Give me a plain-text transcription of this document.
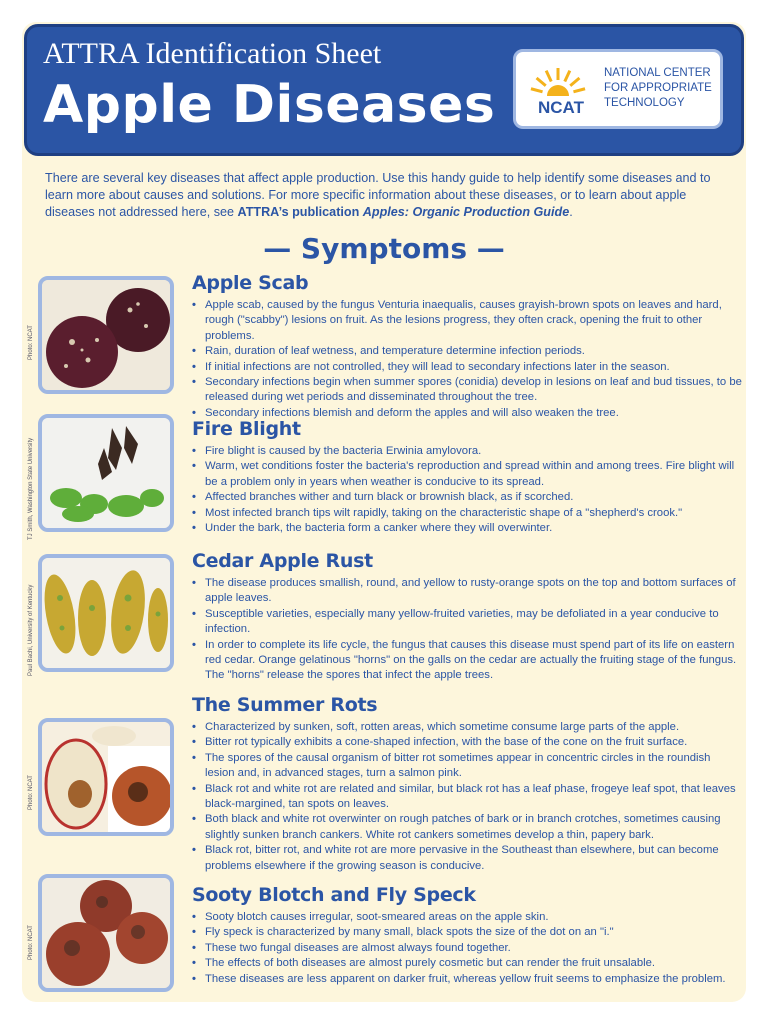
ATTRA Identification Sheet
Apple Diseases	NCAT
NATIONAL CENTER
FOR APPROPRIATE
TECHNOLOGY
There are several key diseases that affect apple production. Use this handy guide to help identify some diseases and to learn more about causes and solutions. For more specific information about these diseases, or to learn about apple diseases not addressed here, see ATTRA’s publication Apples: Organic Production Guide.
— Symptoms —
Photo: NCAT
Apple Scab
• Apple scab, caused by the fungus Venturia inaequalis, causes grayish-brown spots on leaves and hard, rough ("scabby") lesions on fruit. As the lesions progress, they often crack, opening the fruit to other problems.
• Rain, duration of leaf wetness, and temperature determine infection periods.
• If initial infections are not controlled, they will lead to secondary infections later in the season.
• Secondary infections begin when summer spores (conidia) develop in lesions on leaf and bud tissues, to be released during wet periods and disseminated throughout the tree.
• Secondary infections blemish and deform the apples and will also weaken the tree.
TJ Smith, Washington State University
Fire Blight
• Fire blight is caused by the bacteria Erwinia amylovora.
• Warm, wet conditions foster the bacteria's reproduction and spread within and among trees. Fire blight will be a problem only in years when weather is conducive to its spread.
• Affected branches wither and turn black or brownish black, as if scorched.
• Most infected branch tips wilt rapidly, taking on the characteristic shape of a "shepherd's crook."
• Under the bark, the bacteria form a canker where they will overwinter.
Paul Bachi, University of Kentucky
Cedar Apple Rust
• The disease produces smallish, round, and yellow to rusty-orange spots on the top and bottom surfaces of apple leaves.
• Susceptible varieties, especially many yellow-fruited varieties, may be defoliated in a year conducive to infection.
• In order to complete its life cycle, the fungus that causes this disease must spend part of its life on eastern red cedar. Orange gelatinous "horns" on the galls on the cedar are actually the fruiting stage of the fungus. The "horns" release the spores that infect the apple trees.
Photo: NCAT
The Summer Rots
• Characterized by sunken, soft, rotten areas, which sometime consume large parts of the apple.
• Bitter rot typically exhibits a cone-shaped infection, with the base of the cone on the fruit surface.
• The spores of the causal organism of bitter rot sometimes appear in concentric circles in the roundish lesion and, in advanced stages, turn a salmon pink.
• Black rot and white rot are related and similar, but black rot has a leaf phase, frogeye leaf spot, that leaves black-margined, tan spots on leaves.
• Both black and white rot overwinter on rough patches of bark or in branch crotches, sometimes causing slightly sunken branch cankers. White rot cankers sometimes develop a thin, papery bark.
• Black rot, bitter rot, and white rot are more pervasive in the Southeast than elsewhere, but can become problems elsewhere if the growing season is conducive.
Photo: NCAT
Sooty Blotch and Fly Speck
• Sooty blotch causes irregular, soot-smeared areas on the apple skin.
• Fly speck is characterized by many small, black spots the size of the dot on an "i."
• These two fungal diseases are almost always found together.
• The effects of both diseases are almost purely cosmetic but can render the fruit unsalable.
• These diseases are less apparent on darker fruit, whereas yellow fruit seems to emphasize the problem.
